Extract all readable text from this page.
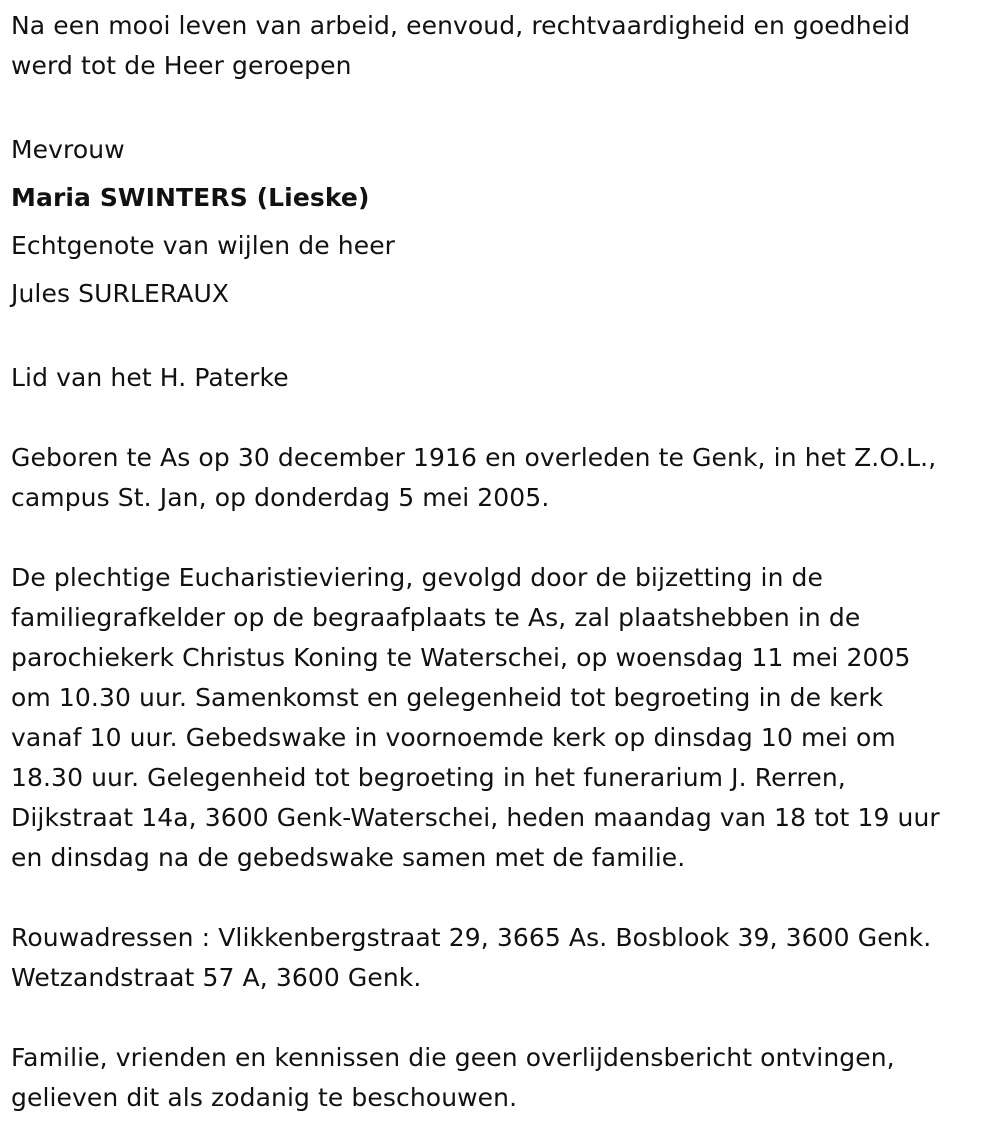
Na een mooi leven van arbeid, eenvoud, rechtvaardigheid en goedheid
werd tot de Heer geroepen
Mevrouw
Maria SWINTERS (Lieske)
Echtgenote van wijlen de heer
Jules SURLERAUX
Lid van het H. Paterke
Geboren te As op 30 december 1916 en overleden te Genk, in het Z.O.L.,
campus St. Jan, op donderdag 5 mei 2005.
De plechtige Eucharistieviering, gevolgd door de bijzetting in de
familiegrafkelder op de begraafplaats te As, zal plaatshebben in de
parochiekerk Christus Koning te Waterschei, op woensdag 11 mei 2005
om 10.30 uur. Samenkomst en gelegenheid tot begroeting in de kerk
vanaf 10 uur. Gebedswake in voornoemde kerk op dinsdag 10 mei om
18.30 uur. Gelegenheid tot begroeting in het funerarium J. Rerren,
Dijkstraat 14a, 3600 Genk-Waterschei, heden maandag van 18 tot 19 uur
en dinsdag na de gebedswake samen met de familie.
Rouwadressen : Vlikkenbergstraat 29, 3665 As. Bosblook 39, 3600 Genk.
Wetzandstraat 57 A, 3600 Genk.
Familie, vrienden en kennissen die geen overlijdensbericht ontvingen,
gelieven dit als zodanig te beschouwen.
